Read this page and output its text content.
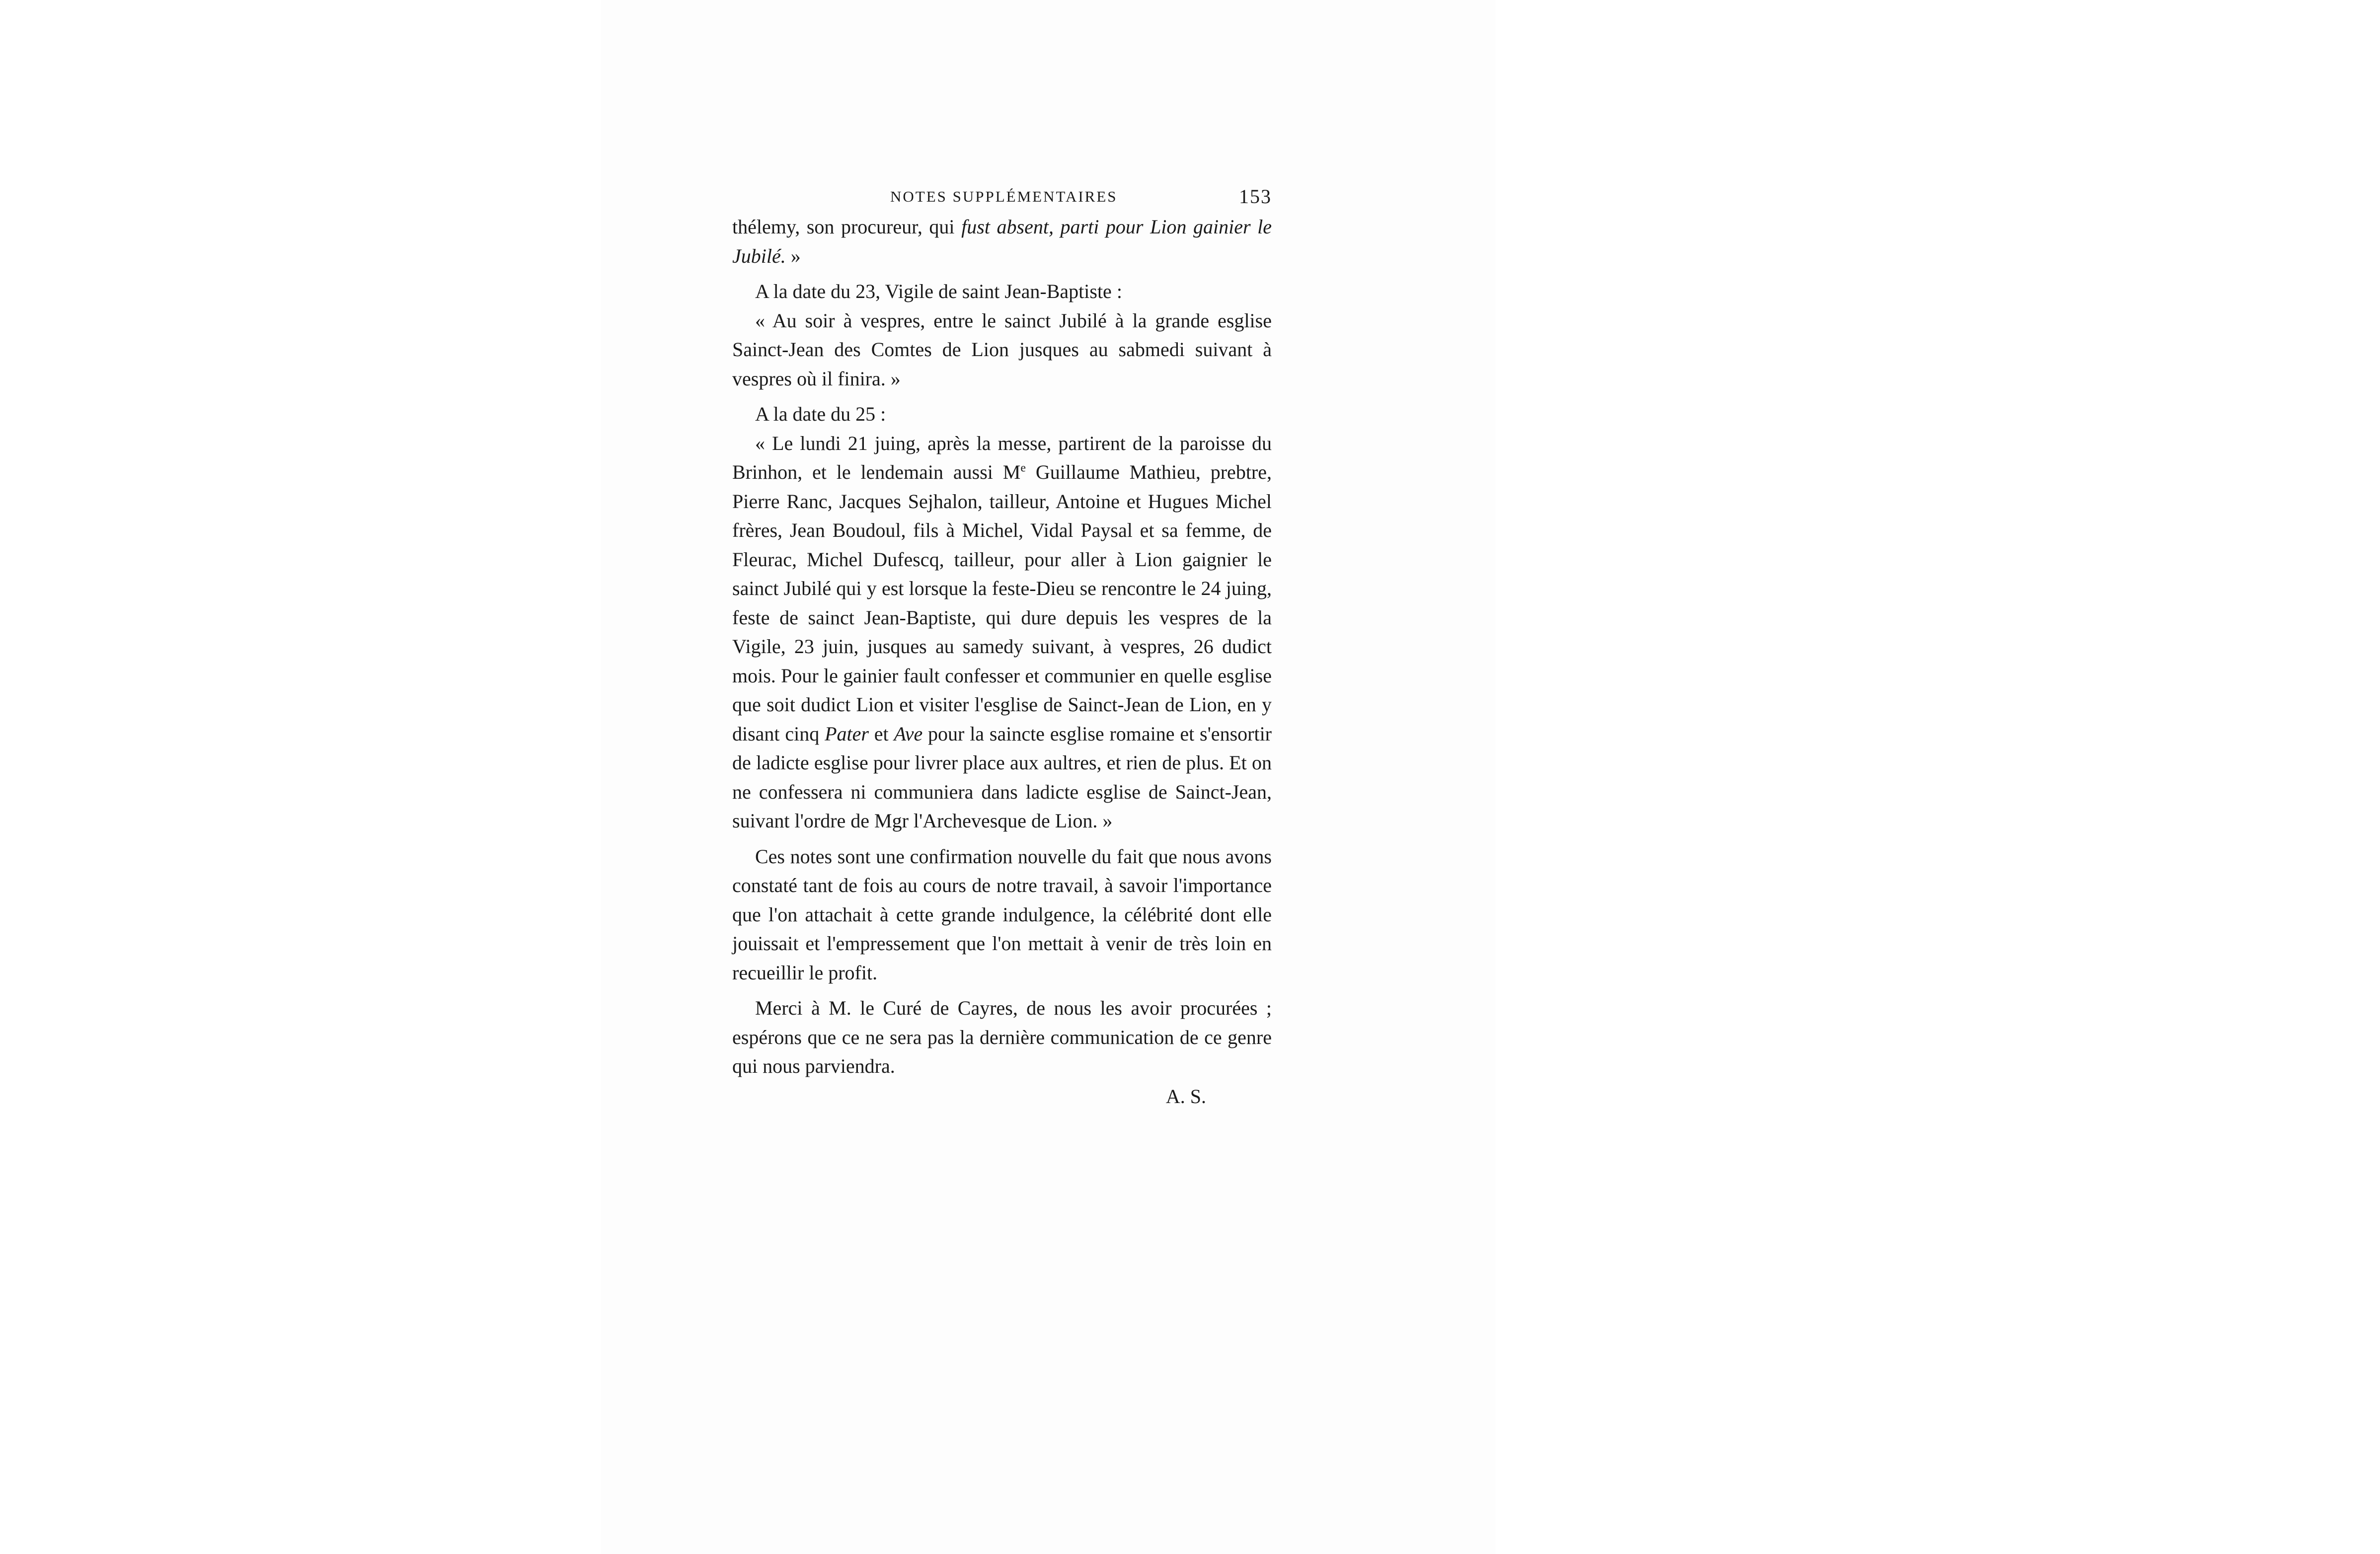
NOTES SUPPLÉMENTAIRES	153

thélemy, son procureur, qui fust absent, parti pour Lion gainier le Jubilé. »

A la date du 23, Vigile de saint Jean-Baptiste :

« Au soir à vespres, entre le sainct Jubilé à la grande esglise Sainct-Jean des Comtes de Lion jusques au sabmedi suivant à vespres où il finira. »

A la date du 25 :

« Le lundi 21 juing, après la messe, partirent de la paroisse du Brinhon, et le lendemain aussi Me Guillaume Mathieu, prebtre, Pierre Ranc, Jacques Sejhalon, tailleur, Antoine et Hugues Michel frères, Jean Boudoul, fils à Michel, Vidal Paysal et sa femme, de Fleurac, Michel Dufescq, tailleur, pour aller à Lion gaignier le sainct Jubilé qui y est lorsque la feste-Dieu se rencontre le 24 juing, feste de sainct Jean-Baptiste, qui dure depuis les vespres de la Vigile, 23 juin, jusques au samedy suivant, à vespres, 26 dudict mois. Pour le gainier fault confesser et communier en quelle esglise que soit dudict Lion et visiter l'esglise de Sainct-Jean de Lion, en y disant cinq Pater et Ave pour la saincte esglise romaine et s'ensortir de ladicte esglise pour livrer place aux aultres, et rien de plus. Et on ne confessera ni communiera dans ladicte esglise de Sainct-Jean, suivant l'ordre de Mgr l'Archevesque de Lion. »

Ces notes sont une confirmation nouvelle du fait que nous avons constaté tant de fois au cours de notre travail, à savoir l'importance que l'on attachait à cette grande indulgence, la célébrité dont elle jouissait et l'empressement que l'on mettait à venir de très loin en recueillir le profit.

Merci à M. le Curé de Cayres, de nous les avoir procurées ; espérons que ce ne sera pas la dernière communication de ce genre qui nous parviendra.

A. S.
